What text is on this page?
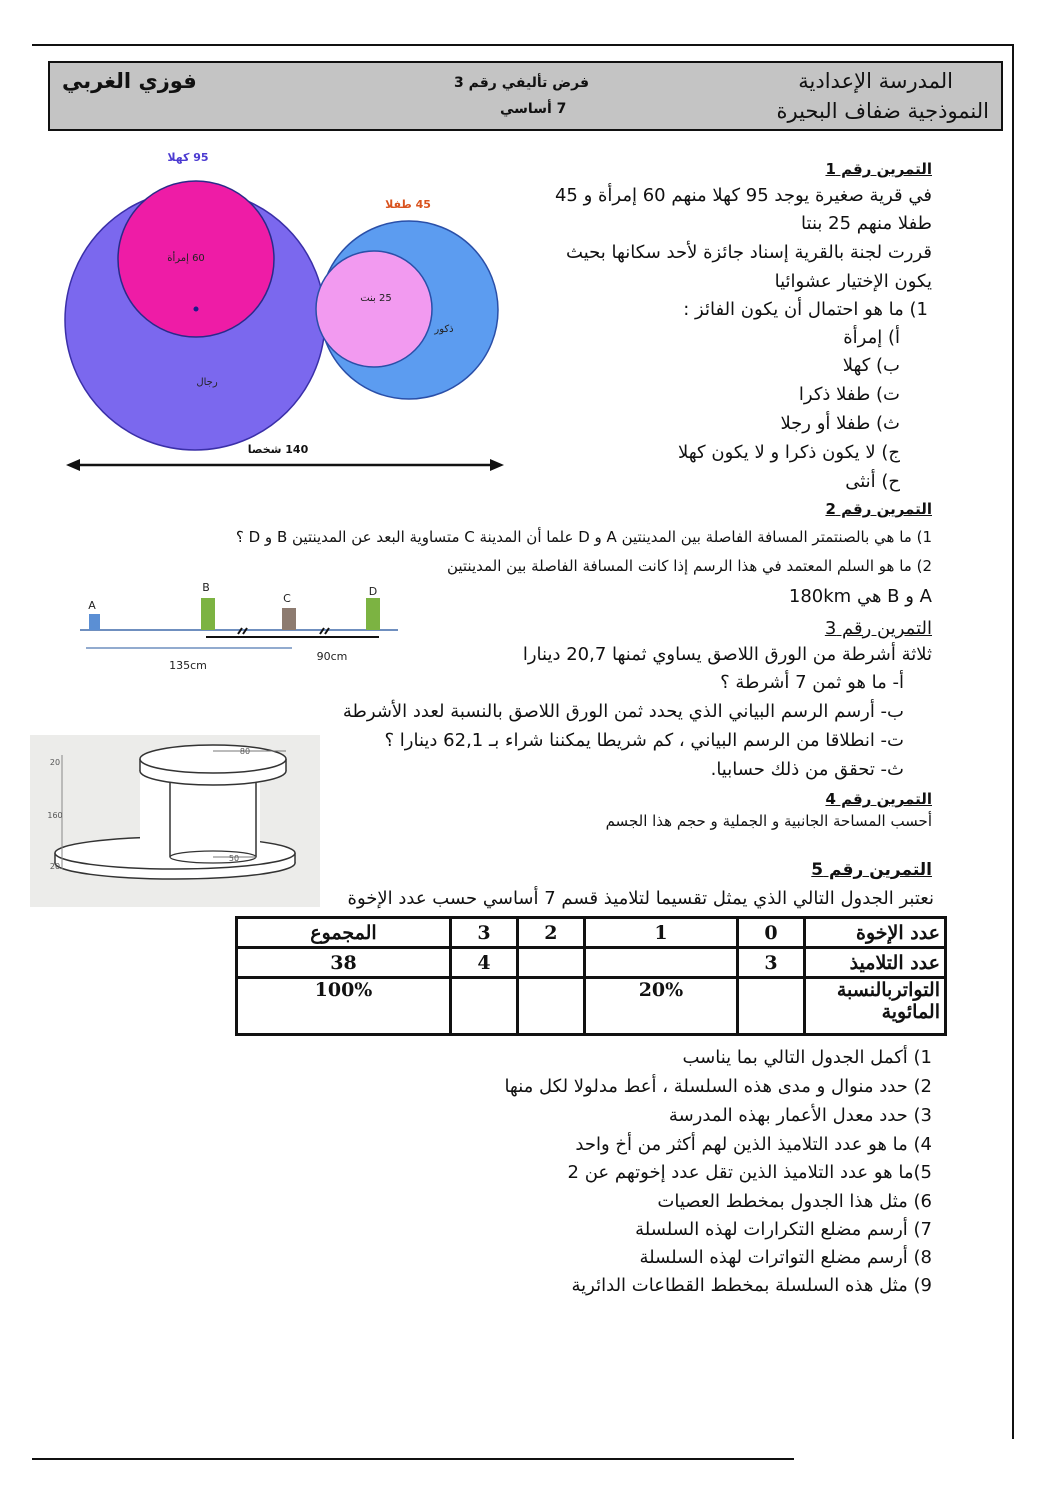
المدرسة الإعدادية
النموذجية ضفاف البحيرة
فرض تأليفي رقم 3
7 أساسي
فوزي الغربي
التمرين رقم 1
في قرية صغيرة يوجد 95 كهلا منهم 60 إمرأة و 45
طفلا منهم 25 بنتا
قررت لجنة بالقرية إسناد جائزة لأحد سكانها بحيث
يكون الإختيار عشوائيا
1) ما هو احتمال أن يكون الفائز :
أ) إمرأة
ب) كهلا
ت) طفلا ذكرا
ث) طفلا أو رجلا
ج) لا يكون ذكرا و لا يكون كهلا
ح) أنثى
95 كهلا
45 طفلا
60 إمرأة
رجال
25 بنت
ذكور
140 شخصا
التمرين رقم 2
1) ما هي بالصنتمتر المسافة الفاصلة بين المدينتين A و D علما أن المدينة C متساوية البعد عن المدينتين B و D ؟
2) ما هو السلم المعتمد في هذا الرسم إذا كانت المسافة الفاصلة بين المدينتين
A و B هي 180km
A
B
C
D
135cm
90cm
التمرين رقم 3
ثلاثة أشرطة من الورق اللاصق يساوي ثمنها 20,7 دينارا
أ- ما هو ثمن 7 أشرطة ؟
ب- أرسم الرسم البياني الذي يحدد ثمن الورق اللاصق بالنسبة لعدد الأشرطة
ت- انطلاقا من الرسم البياني ، كم شريطا يمكننا شراء بـ 62,1 دينارا ؟
ث- تحقق من ذلك حسابيا.
80
50
20
160
20
التمرين رقم 4
أحسب المساحة الجانبية و الجملية و حجم هذا الجسم
التمرين رقم 5
نعتبر الجدول التالي الذي يمثل تقسيما لتلاميذ قسم 7 أساسي حسب عدد الإخوة
عدد الإخوة	0	1	2	3	المجموع
عدد التلاميذ	3			4	38
التواتربالنسبة المائوية		20%			100%
1) أكمل الجدول التالي بما يناسب
2) حدد منوال و مدى هذه السلسلة ، أعط مدلولا لكل منها
3) حدد معدل الأعمار بهذه المدرسة
4) ما هو عدد التلاميذ الذين لهم أكثر من أخ واحد
5)ما هو عدد التلاميذ الذين تقل عدد إخوتهم عن 2
6) مثل هذا الجدول بمخطط العصيات
7) أرسم مضلع التكرارات لهذه السلسلة
8) أرسم مضلع التواترات لهذه السلسلة
9) مثل هذه السلسلة بمخطط القطاعات الدائرية
